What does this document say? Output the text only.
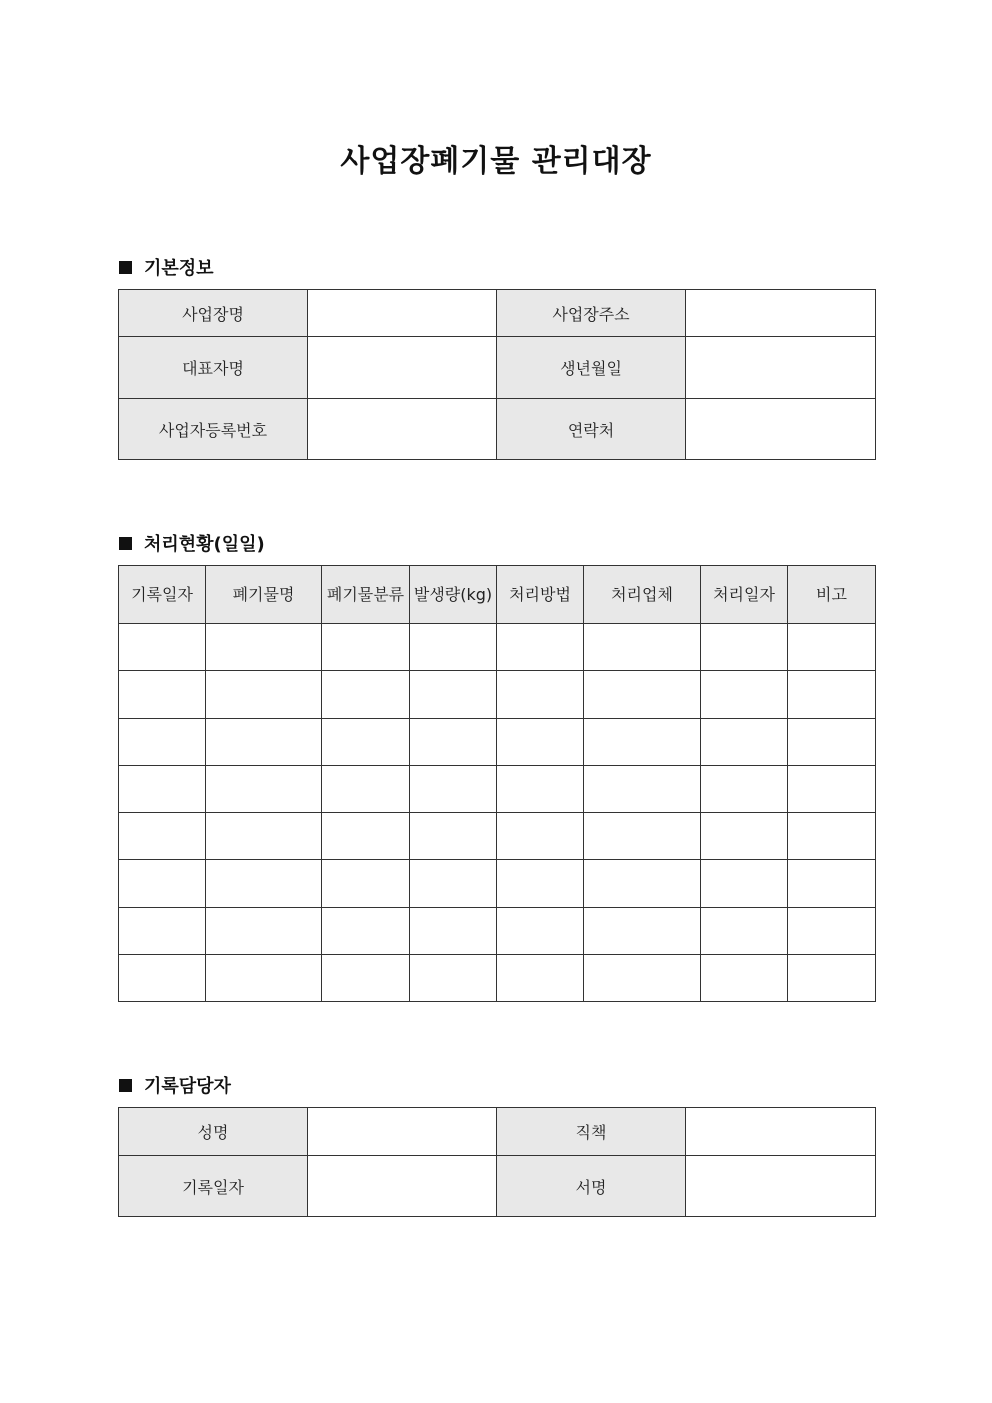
사업장폐기물 관리대장
기본정보
사업장명		사업장주소	
대표자명		생년월일	
사업자등록번호		연락처	
처리현황(일일)
기록일자	폐기물명	폐기물분류	발생량(kg)	처리방법	처리업체	처리일자	비고

기록담당자
성명		직책	
기록일자		서명	
